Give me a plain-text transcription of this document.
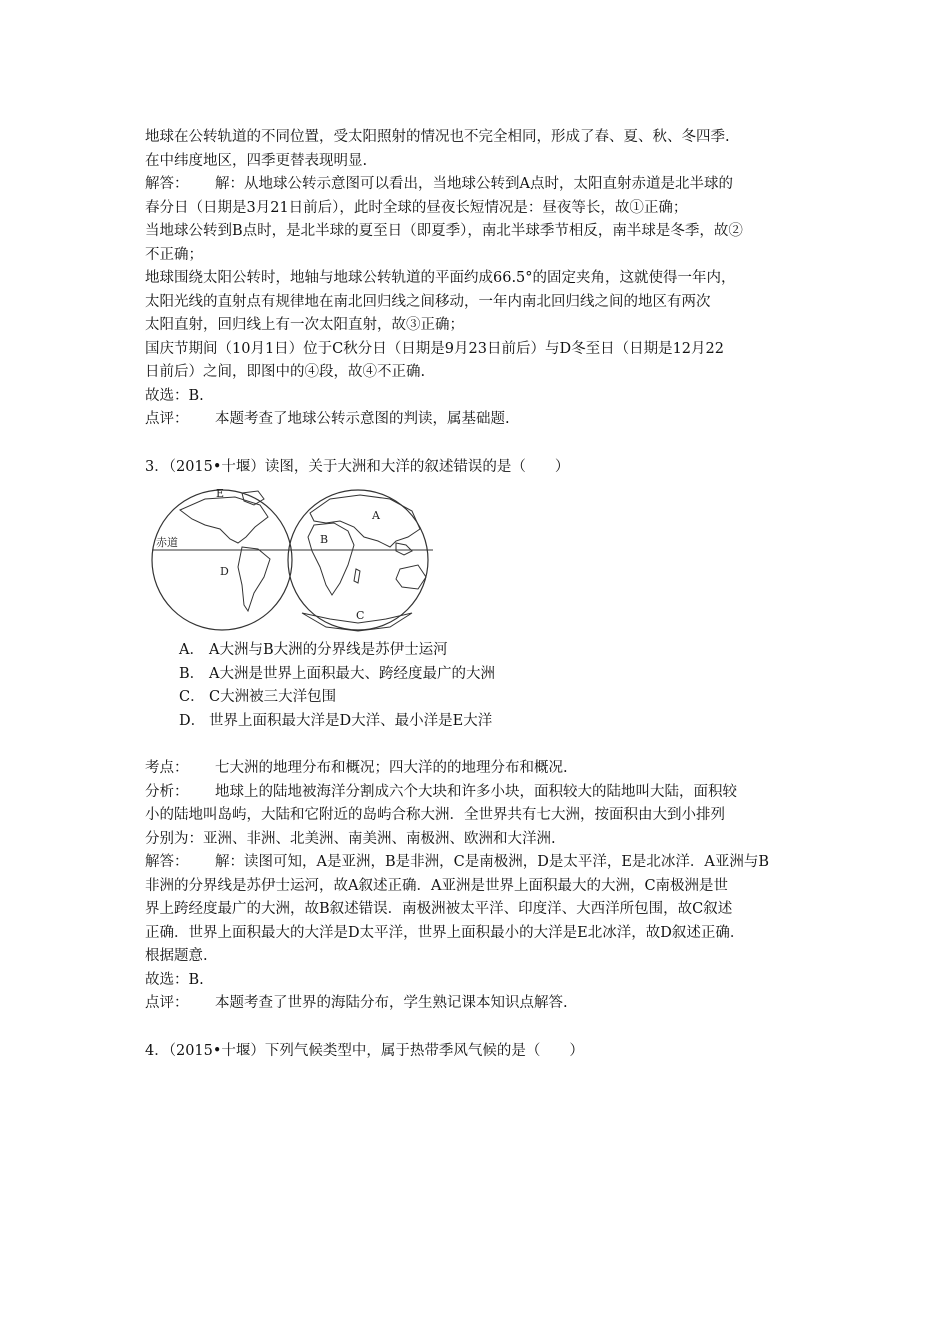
地球在公转轨道的不同位置，受太阳照射的情况也不完全相同，形成了春、夏、秋、冬四季.
在中纬度地区，四季更替表现明显.
解答： 解：从地球公转示意图可以看出，当地球公转到A点时，太阳直射赤道是北半球的
春分日（日期是3月21日前后），此时全球的昼夜长短情况是：昼夜等长，故①正确；
当地球公转到B点时，是北半球的夏至日（即夏季），南北半球季节相反，南半球是冬季，故②
不正确；
地球围绕太阳公转时，地轴与地球公转轨道的平面约成66.5°的固定夹角，这就使得一年内，
太阳光线的直射点有规律地在南北回归线之间移动，一年内南北回归线之间的地区有两次
太阳直射，回归线上有一次太阳直射，故③正确；
国庆节期间（10月1日）位于C秋分日（日期是9月23日前后）与D冬至日（日期是12月22
日前后）之间，即图中的④段，故④不正确.
故选：B.
点评： 本题考查了地球公转示意图的判读，属基础题.
3．（2015•十堰）读图，关于大洲和大洋的叙述错误的是（　　）
E
赤道
D
A
B
C
A． A大洲与B大洲的分界线是苏伊士运河
B． A大洲是世界上面积最大、跨经度最广的大洲
C． C大洲被三大洋包围
D． 世界上面积最大洋是D大洋、最小洋是E大洋
考点： 七大洲的地理分布和概况；四大洋的的地理分布和概况.
分析： 地球上的陆地被海洋分割成六个大块和许多小块，面积较大的陆地叫大陆，面积较
小的陆地叫岛屿，大陆和它附近的岛屿合称大洲．全世界共有七大洲，按面积由大到小排列
分别为：亚洲、非洲、北美洲、南美洲、南极洲、欧洲和大洋洲.
解答： 解：读图可知，A是亚洲，B是非洲，C是南极洲，D是太平洋，E是北冰洋．A亚洲与B
非洲的分界线是苏伊士运河，故A叙述正确．A亚洲是世界上面积最大的大洲，C南极洲是世
界上跨经度最广的大洲，故B叙述错误．南极洲被太平洋、印度洋、大西洋所包围，故C叙述
正确．世界上面积最大的大洋是D太平洋，世界上面积最小的大洋是E北冰洋，故D叙述正确．
根据题意.
故选：B.
点评： 本题考查了世界的海陆分布，学生熟记课本知识点解答.
4．（2015•十堰）下列气候类型中，属于热带季风气候的是（　　）
